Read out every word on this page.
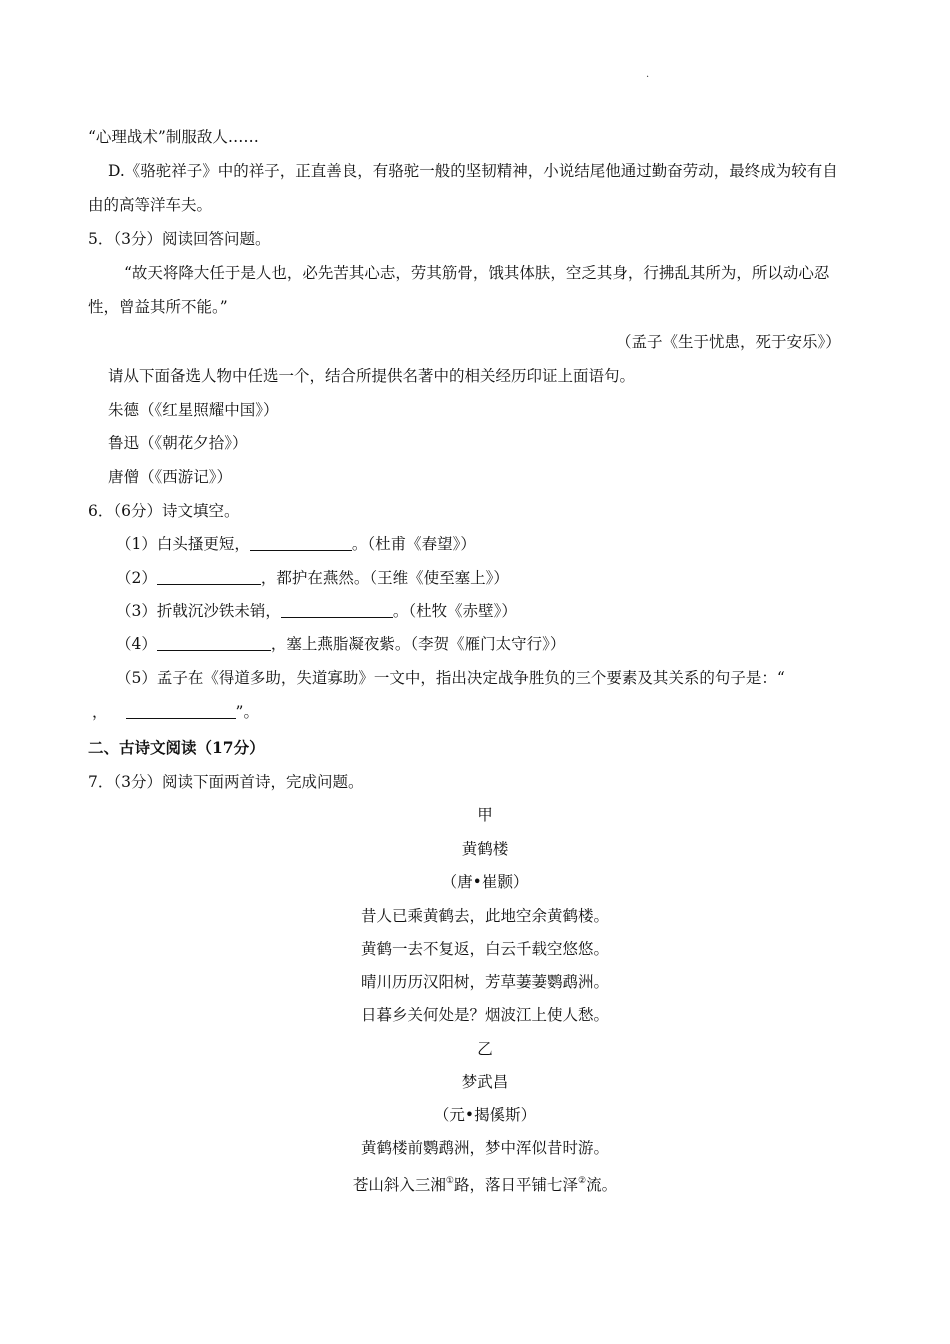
·
“心理战术”制服敌人……
D.《骆驼祥子》中的祥子，正直善良，有骆驼一般的坚韧精神，小说结尾他通过勤奋劳动，最终成为较有自
由的高等洋车夫。
5．（3分）阅读回答问题。
“故天将降大任于是人也，必先苦其心志，劳其筋骨，饿其体肤，空乏其身，行拂乱其所为，所以动心忍
性，曾益其所不能。”
（孟子《生于忧患，死于安乐》）
请从下面备选人物中任选一个，结合所提供名著中的相关经历印证上面语句。
朱德（《红星照耀中国》）
鲁迅（《朝花夕拾》）
唐僧（《西游记》）
6．（6分）诗文填空。
（1）白头搔更短，	。（杜甫《春望》）
（2）	，都护在燕然。（王维《使至塞上》）
（3）折戟沉沙铁未销，	。（杜牧《赤壁》）
（4）	，塞上燕脂凝夜紫。（李贺《雁门太守行》）
（5）孟子在《得道多助，失道寡助》一文中，指出决定战争胜负的三个要素及其关系的句子是：“
，	”。
二、古诗文阅读（17分）
7．（3分）阅读下面两首诗，完成问题。
甲
黄鹤楼
（唐•崔颢）
昔人已乘黄鹤去，此地空余黄鹤楼。
黄鹤一去不复返，白云千载空悠悠。
晴川历历汉阳树，芳草萋萋鹦鹉洲。
日暮乡关何处是？烟波江上使人愁。
乙
梦武昌
（元•揭傒斯）
黄鹤楼前鹦鹉洲，梦中浑似昔时游。
苍山斜入三湘①路，落日平铺七泽②流。
